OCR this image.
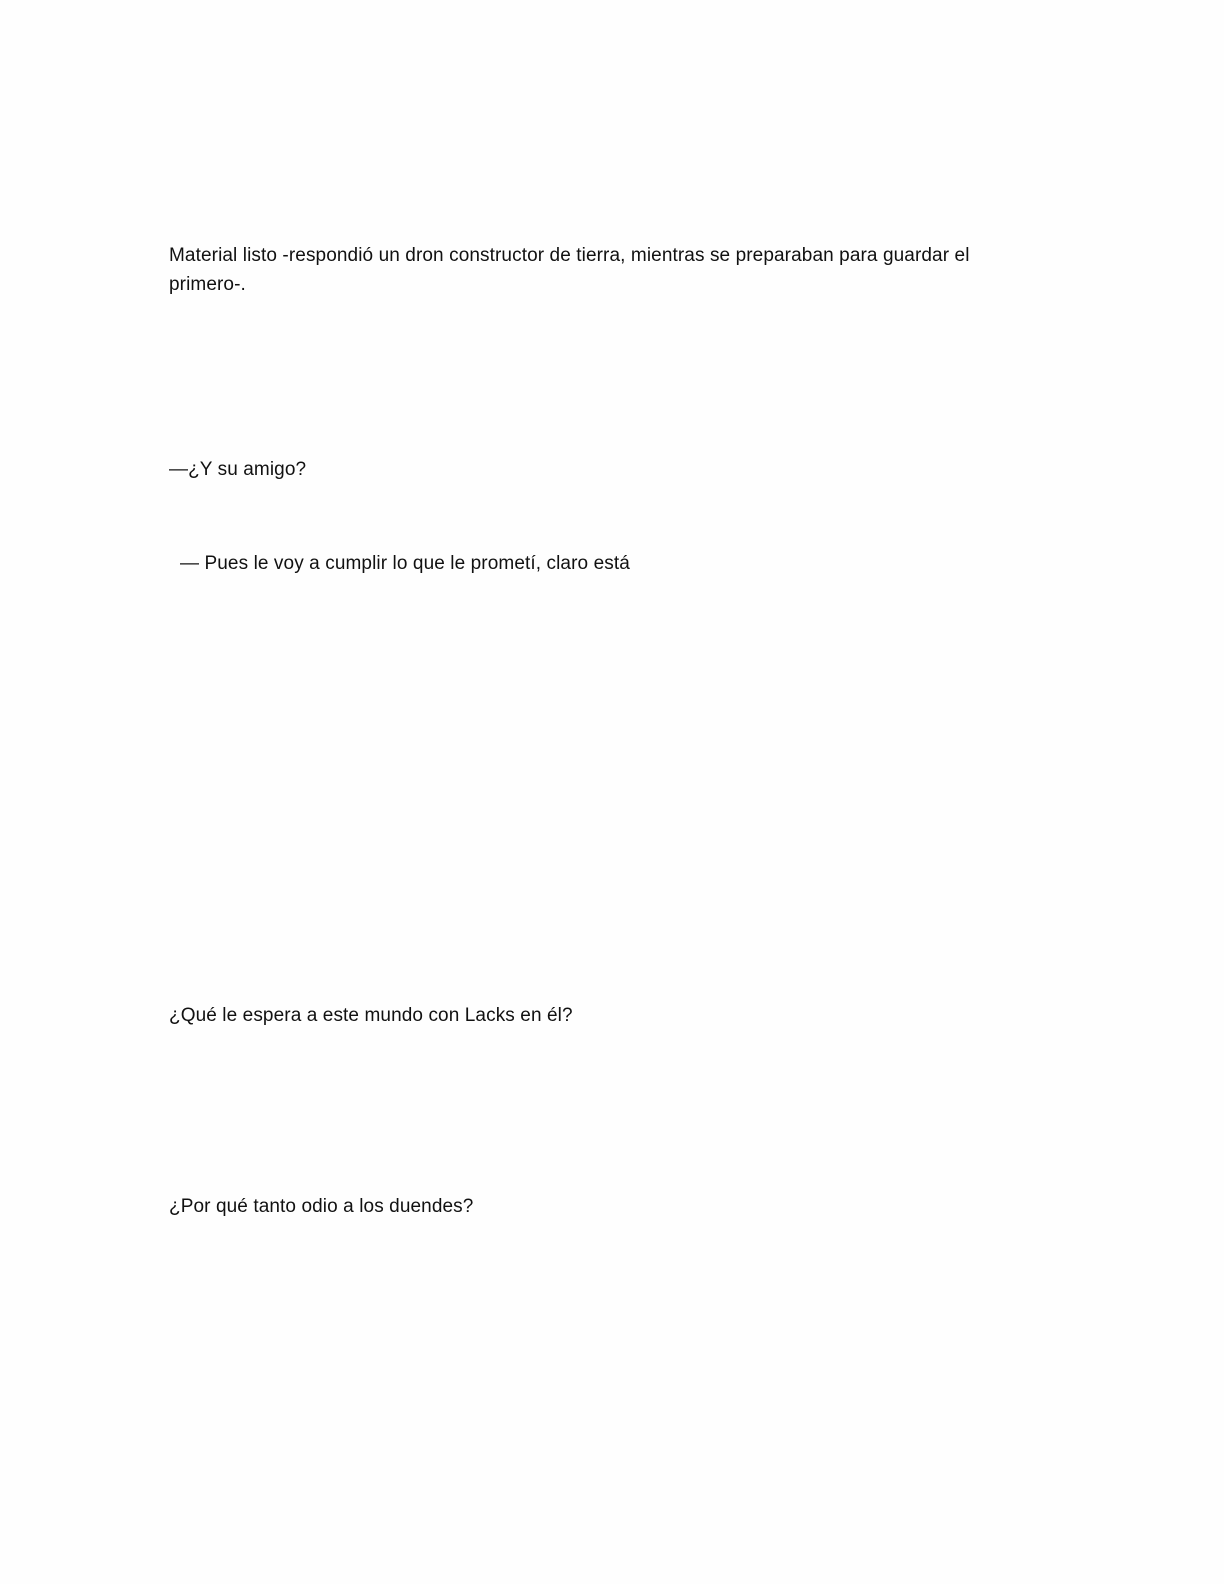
Material listo -respondió un dron constructor de tierra, mientras se preparaban para guardar el primero-.

—¿Y su amigo?

— Pues le voy a cumplir lo que le prometí, claro está

¿Qué le espera a este mundo con Lacks en él?

¿Por qué tanto odio a los duendes?
